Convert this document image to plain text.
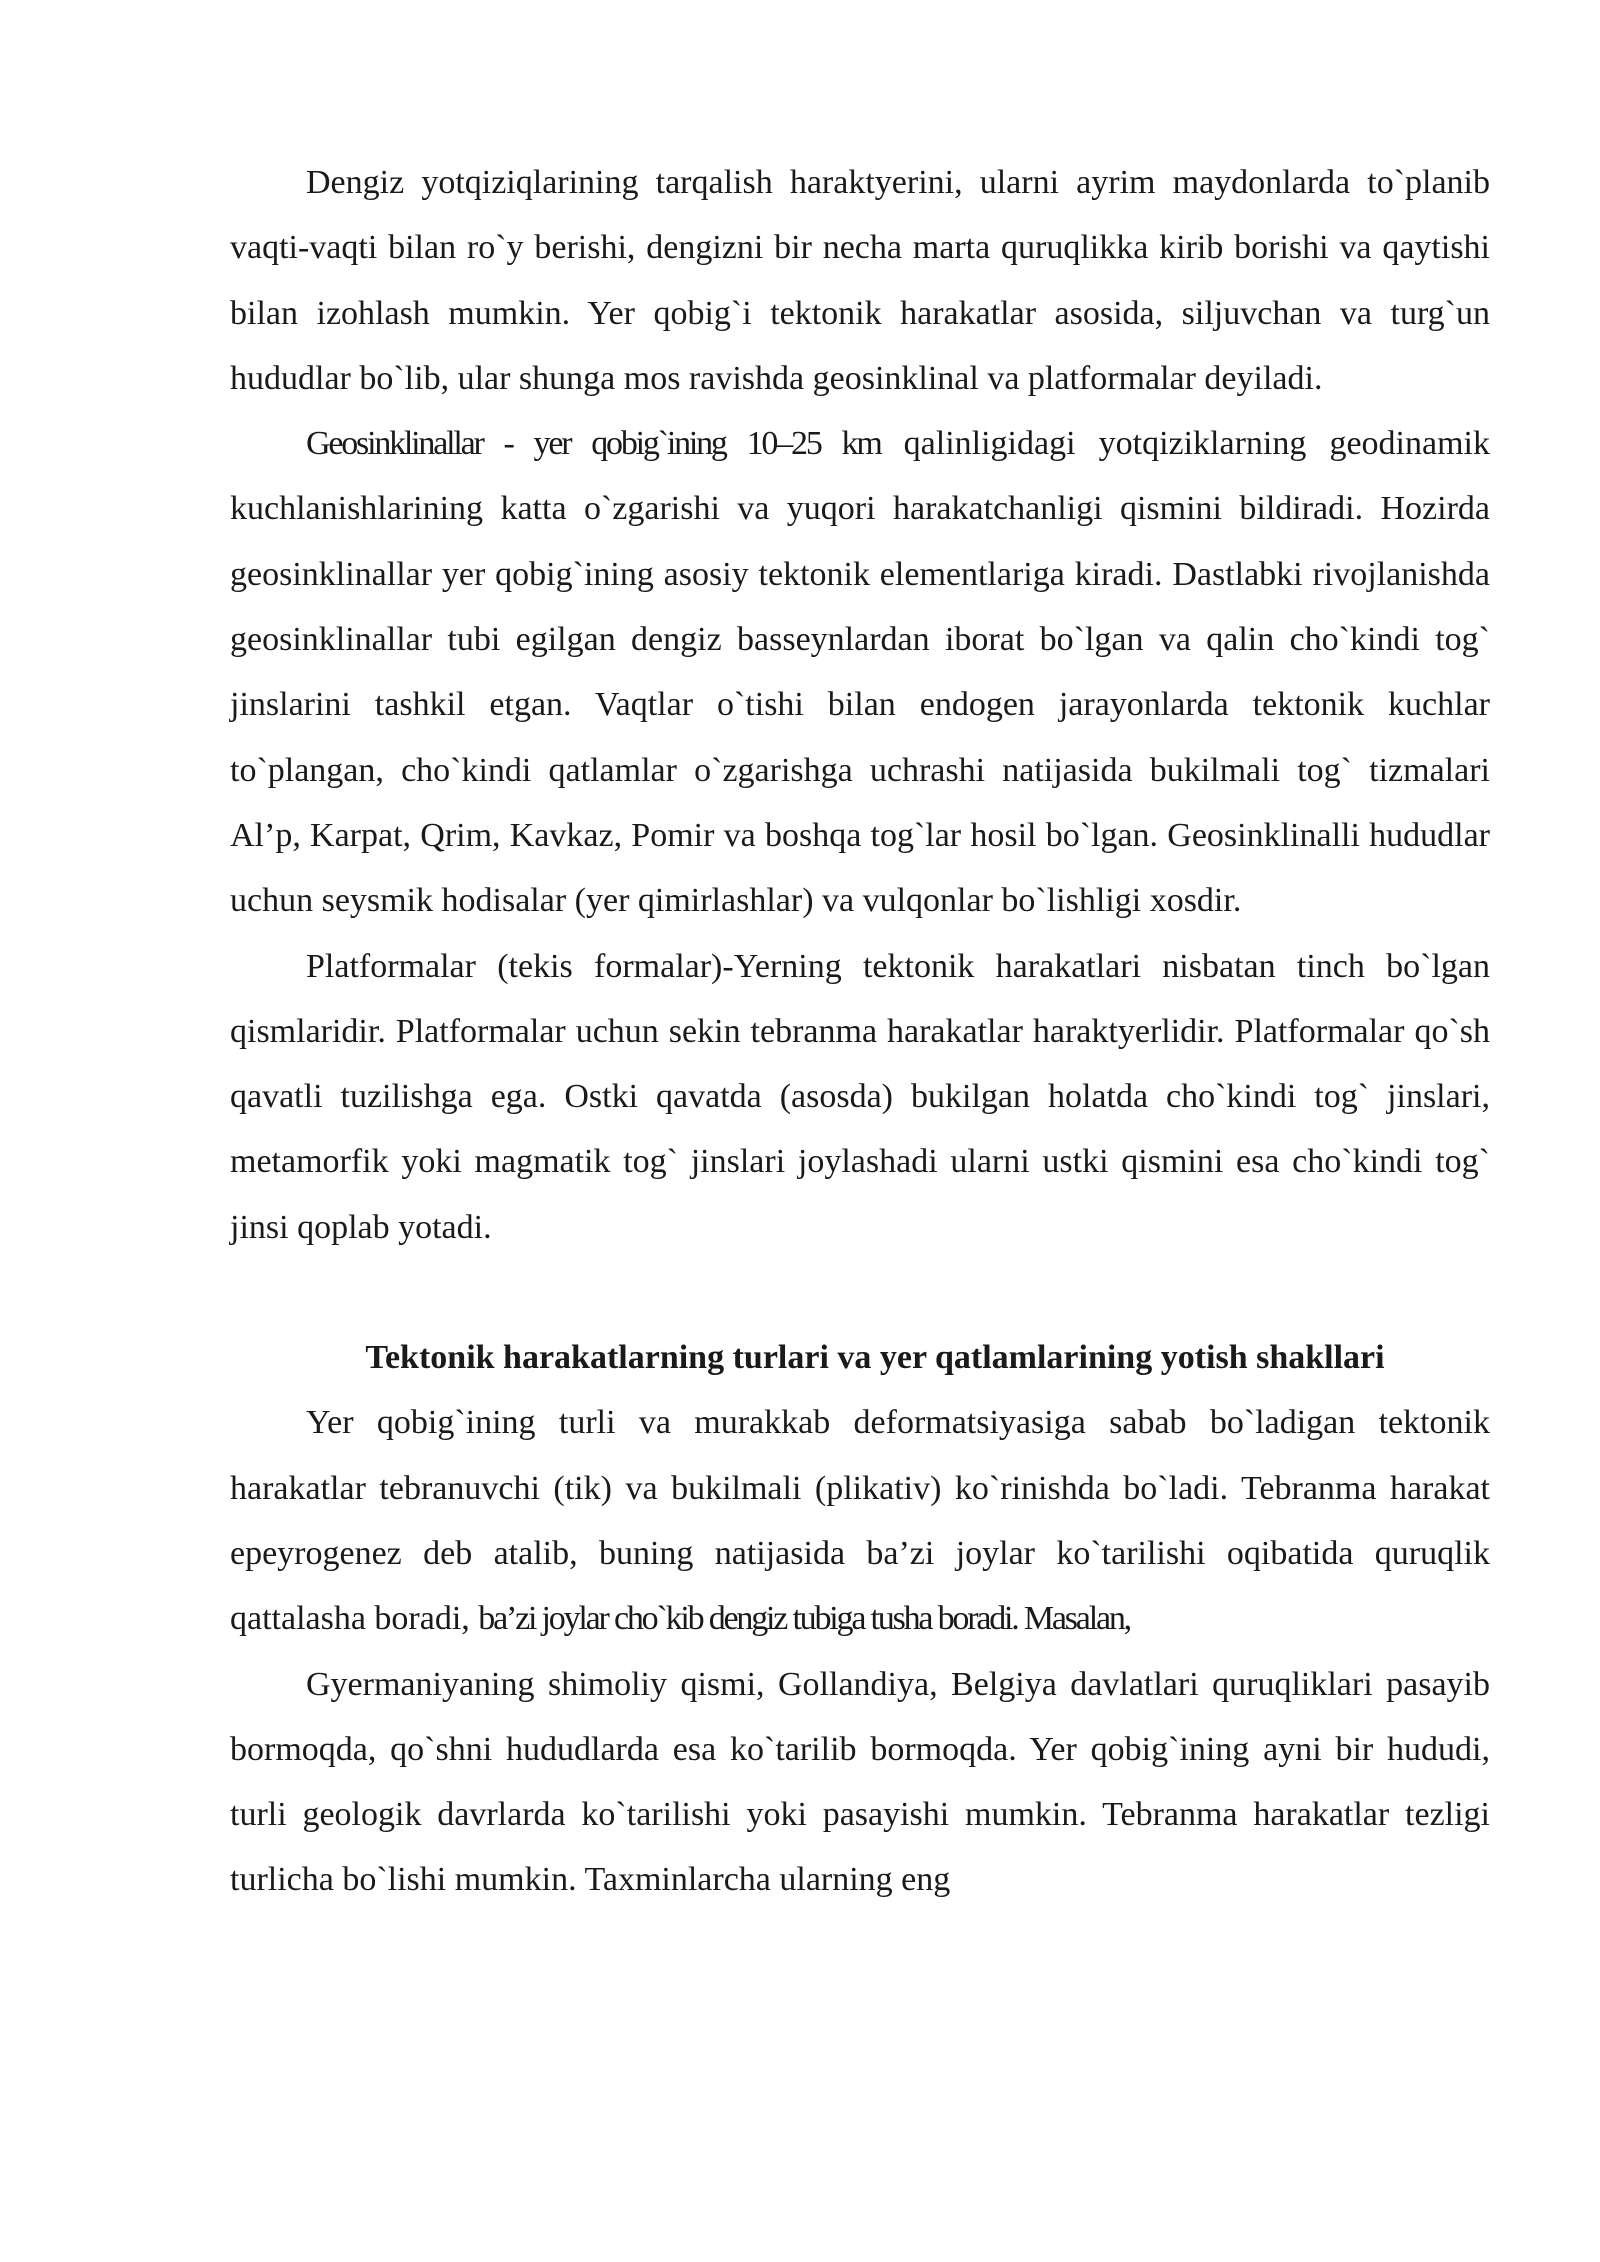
Dengiz yotqiziqlarining tarqalish haraktyerini, ularni ayrim maydonlarda to`planib vaqti-vaqti bilan ro`y berishi, dengizni bir necha marta quruqlikka kirib borishi va qaytishi bilan izohlash mumkin. Yer qobig`i tektonik harakatlar asosida, siljuvchan va turg`un hududlar bo`lib, ular shunga mos ravishda geosinklinal va platformalar deyiladi.

Geosinklinallar - yer qobig`ining 10–25 km qalinligidagi yotqiziklarning geodinamik kuchlanishlarining katta o`zgarishi va yuqori harakatchanligi qismini bildiradi. Hozirda geosinklinallar yer qobig`ining asosiy tektonik elementlariga kiradi. Dastlabki rivojlanishda geosinklinallar tubi egilgan dengiz basseynlardan iborat bo`lgan va qalin cho`kindi tog` jinslarini tashkil etgan. Vaqtlar o`tishi bilan endogen jarayonlarda tektonik kuchlar to`plangan, cho`kindi qatlamlar o`zgarishga uchrashi natijasida bukilmali tog` tizmalari Al’p, Karpat, Qrim, Kavkaz, Pomir va boshqa tog`lar hosil bo`lgan. Geosinklinalli hududlar uchun seysmik hodisalar (yer qimirlashlar) va vulqonlar bo`lishligi xosdir.

Platformalar (tekis formalar)-Yerning tektonik harakatlari nisbatan tinch bo`lgan qismlaridir. Platformalar uchun sekin tebranma harakatlar haraktyerlidir. Platformalar qo`sh qavatli tuzilishga ega. Ostki qavatda (asosda) bukilgan holatda cho`kindi tog` jinslari, metamorfik yoki magmatik tog` jinslari joylashadi ularni ustki qismini esa cho`kindi tog` jinsi qoplab yotadi.

Tektonik harakatlarning turlari va yer qatlamlarining yotish shakllari

Yer qobig`ining turli va murakkab deformatsiyasiga sabab bo`ladigan tektonik harakatlar tebranuvchi (tik) va bukilmali (plikativ) ko`rinishda bo`ladi. Tebranma harakat epeyrogenez deb atalib, buning natijasida ba’zi joylar ko`tarilishi oqibatida quruqlik qattalasha boradi, ba’zi joylar cho`kib dengiz tubiga tusha boradi. Masalan,

Gyermaniyaning shimoliy qismi, Gollandiya, Belgiya davlatlari quruqliklari pasayib bormoqda, qo`shni hududlarda esa ko`tarilib bormoqda. Yer qobig`ining ayni bir hududi, turli geologik davrlarda ko`tarilishi yoki pasayishi mumkin. Tebranma harakatlar tezligi turlicha bo`lishi mumkin. Taxminlarcha ularning eng
